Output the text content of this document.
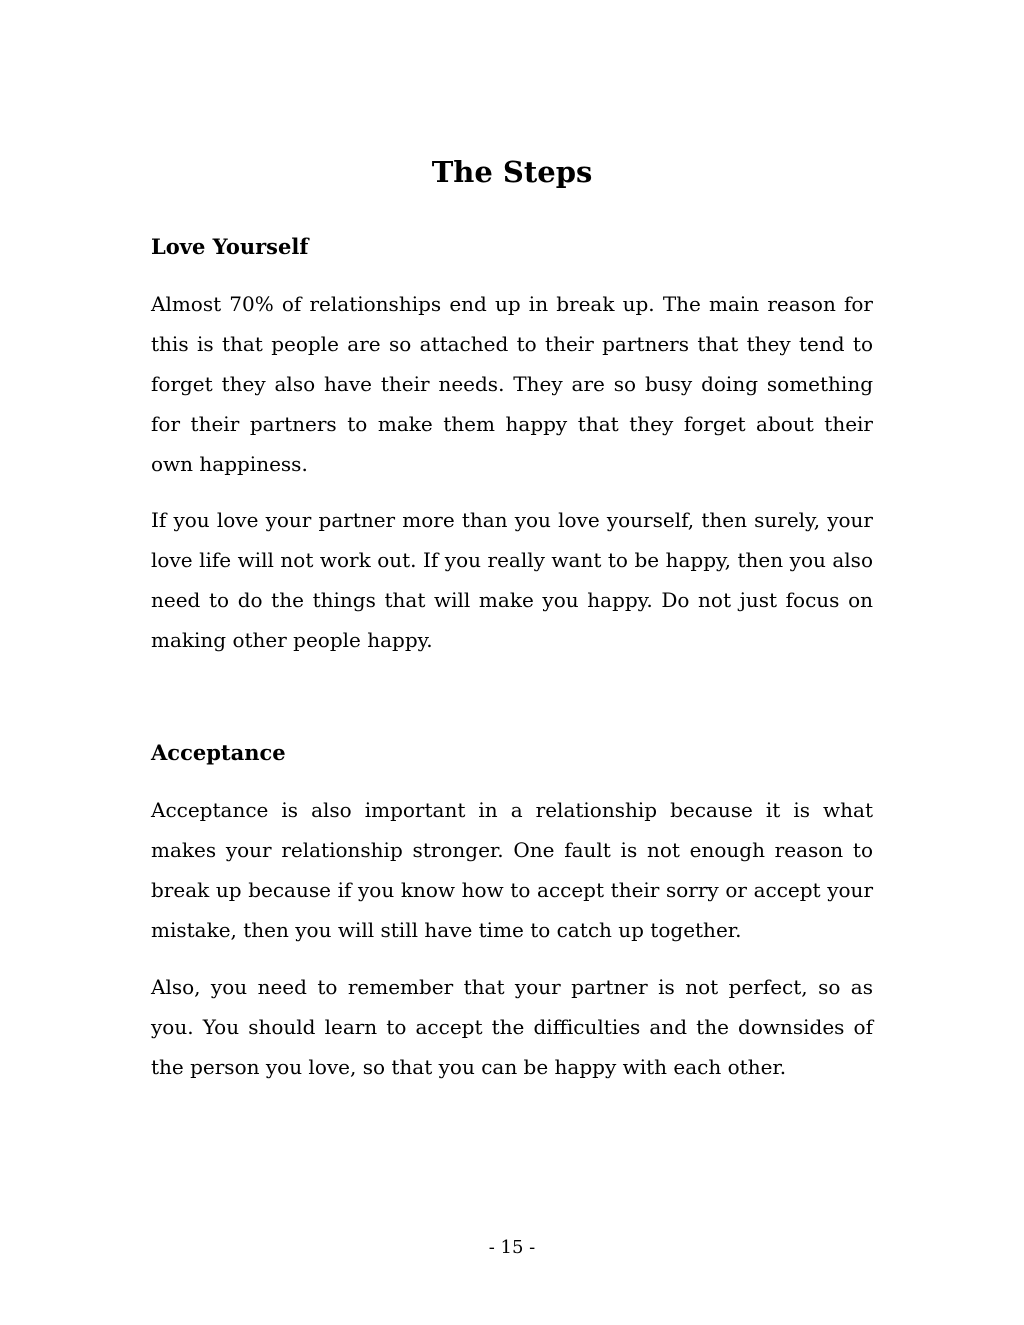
The Steps
Love Yourself

Almost 70% of relationships end up in break up. The main reason for this is that people are so attached to their partners that they tend to forget they also have their needs. They are so busy doing something for their partners to make them happy that they forget about their own happiness.

If you love your partner more than you love yourself, then surely, your love life will not work out. If you really want to be happy, then you also need to do the things that will make you happy. Do not just focus on making other people happy.

Acceptance

Acceptance is also important in a relationship because it is what makes your relationship stronger. One fault is not enough reason to break up because if you know how to accept their sorry or accept your mistake, then you will still have time to catch up together.

Also, you need to remember that your partner is not perfect, so as you. You should learn to accept the difficulties and the downsides of the person you love, so that you can be happy with each other.

- 15 -
